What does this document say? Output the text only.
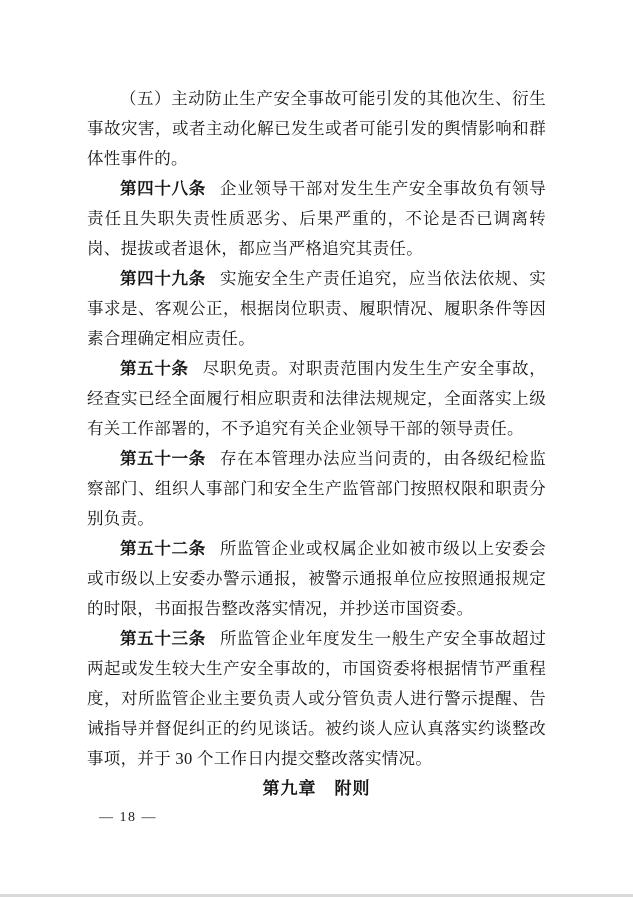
（五）主动防止生产安全事故可能引发的其他次生、衍生事故灾害，或者主动化解已发生或者可能引发的舆情影响和群体性事件的。

第四十八条 企业领导干部对发生生产安全事故负有领导责任且失职失责性质恶劣、后果严重的，不论是否已调离转岗、提拔或者退休，都应当严格追究其责任。

第四十九条 实施安全生产责任追究，应当依法依规、实事求是、客观公正，根据岗位职责、履职情况、履职条件等因素合理确定相应责任。

第五十条 尽职免责。对职责范围内发生生产安全事故，经查实已经全面履行相应职责和法律法规规定，全面落实上级有关工作部署的，不予追究有关企业领导干部的领导责任。

第五十一条 存在本管理办法应当问责的，由各级纪检监察部门、组织人事部门和安全生产监管部门按照权限和职责分别负责。

第五十二条 所监管企业或权属企业如被市级以上安委会或市级以上安委办警示通报，被警示通报单位应按照通报规定的时限，书面报告整改落实情况，并抄送市国资委。

第五十三条 所监管企业年度发生一般生产安全事故超过两起或发生较大生产安全事故的，市国资委将根据情节严重程度，对所监管企业主要负责人或分管负责人进行警示提醒、告诫指导并督促纠正的约见谈话。被约谈人应认真落实约谈整改事项，并于 30 个工作日内提交整改落实情况。

第九章　附则
— 18 —
